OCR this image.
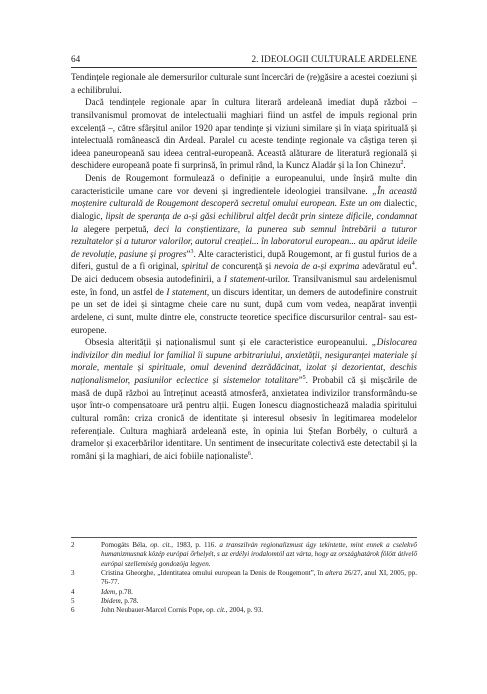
64	2. IDEOLOGII CULTURALE ARDELENE

Tendințele regionale ale demersurilor culturale sunt încercări de (re)găsire a acestei coeziuni și a echilibrului.

Dacă tendințele regionale apar în cultura literară ardeleană imediat după război – transilvanismul promovat de intelectualii maghiari fiind un astfel de impuls regional prin excelență –, către sfârșitul anilor 1920 apar tendințe și viziuni similare și în viața spirituală și intelectuală românească din Ardeal. Paralel cu aceste tendințe regionale va câștiga teren și ideea paneuropeană sau ideea central-europeană. Această alăturare de literatură regională și deschidere europeană poate fi surprinsă, în primul rând, la Kuncz Aladár și la Ion Chinezu$^2$.

Denis de Rougemont formulează o definiție a europeanului, unde înșiră multe din caracteristicile umane care vor deveni și ingredientele ideologiei transilvane. „În această moștenire culturală de Rougemont descoperă secretul omului european. Este un om dialectic, dialogic, lipsit de speranța de a-și găsi echilibrul altfel decât prin sinteze dificile, condamnat la alegere perpetuă, deci la conștientizare, la punerea sub semnul întrebării a tuturor rezultatelor și a tuturor valorilor, autorul creației... în laboratorul european... au apărut ideile de revoluție, pasiune și progres”$^3$. Alte caracteristici, după Rougemont, ar fi gustul furios de a diferi, gustul de a fi original, spiritul de concurență și nevoia de a-și exprima adevăratul $eu^4$. De aici deducem obsesia autodefinirii, a I statement-urilor. Transilvanismul sau ardelenismul este, în fond, un astfel de I statement, un discurs identitar, un demers de autodefinire construit pe un set de idei și sintagme cheie care nu sunt, după cum vom vedea, neapărat invenții ardelene, ci sunt, multe dintre ele, constructe teoretice specifice discursurilor central- sau est-europene.

Obsesia alterității și naționalismul sunt și ele caracteristice europeanului. „Dislocarea indivizilor din mediul lor familial îi supune arbitrariului, anxietății, nesiguranței materiale și morale, mentale și spirituale, omul devenind dezrădăcinat, izolat și dezorientat, deschis naționalismelor, pasiunilor eclectice și sistemelor totalitare”$^5$. Probabil că și mișcările de masă de după război au întreținut această atmosferă, anxietatea indivizilor transformându-se ușor într-o compensatoare ură pentru alții. Eugen Ionescu diagnostichează maladia spiritului cultural român: criza cronică de identitate și interesul obsesiv în legitimarea modelelor referențiale. Cultura maghiară ardeleană este, în opinia lui Ștefan Borbély, o cultură a dramelor și exacerbărilor identitare. Un sentiment de insecuritate colectivă este detectabil și la români și la maghiari, de aici fobiile naționaliste$^6$.

2	Pomogáts Béla, op. cit., 1983, p. 116. a transzilván regionalizmust úgy tekintette, mint ennek a cselekvő humanizmusnak közép európai őrhelyét, s az erdélyi irodalomtól azt várta, hogy az országhatárok fölött átívelő európai szellemiség gondozója legyen.
3	Cristina Gheorghe, „Identitatea omului european la Denis de Rougemont”, în altera 26/27, anul XI, 2005, pp. 76-77.
4	Idem, p.78.
5	Ibidem, p.78.
6	John Neubauer-Marcel Cornis Pope, op. cit., 2004, p. 93.
